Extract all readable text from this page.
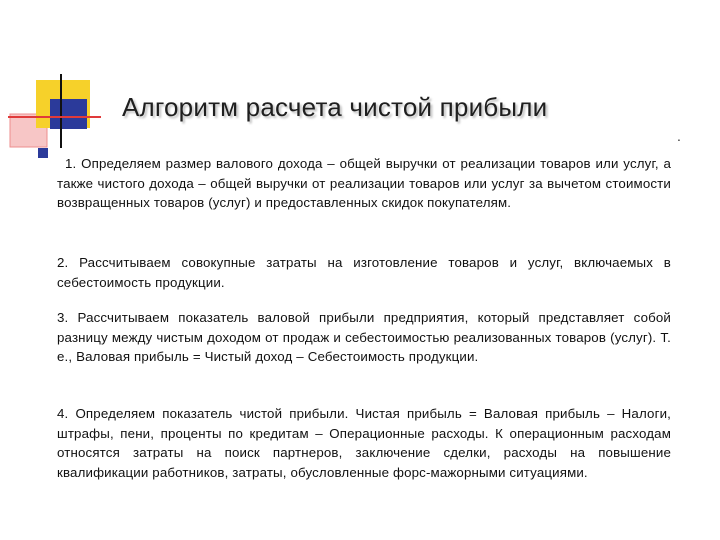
Алгоритм расчета чистой прибыли
.
1. Определяем размер валового дохода – общей выручки от реализации товаров или услуг, а также чистого дохода – общей выручки от реализации товаров или услуг за вычетом стоимости возвращенных товаров (услуг) и предоставленных скидок покупателям.
2. Рассчитываем совокупные затраты на изготовление товаров и услуг, включаемых в себестоимость продукции.
3. Рассчитываем показатель валовой прибыли предприятия, который представляет собой разницу между чистым доходом от продаж и себестоимостью реализованных товаров (услуг). Т. е., Валовая прибыль = Чистый доход – Себестоимость продукции.
4. Определяем показатель чистой прибыли. Чистая прибыль = Валовая прибыль – Налоги, штрафы, пени, проценты по кредитам – Операционные расходы. К операционным расходам относятся затраты на поиск партнеров, заключение сделки, расходы на повышение квалификации работников, затраты, обусловленные форс-мажорными ситуациями.
